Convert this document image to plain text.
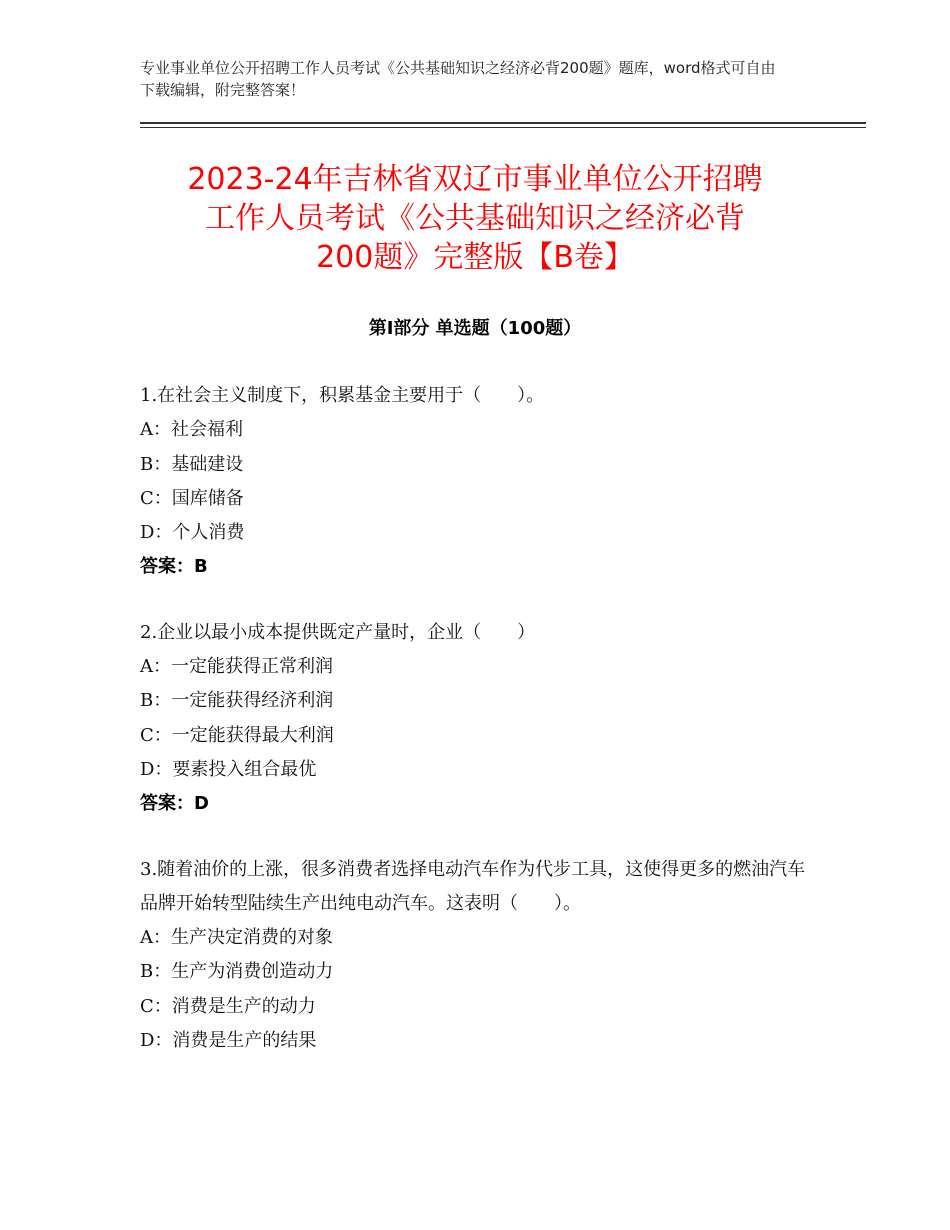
专业事业单位公开招聘工作人员考试《公共基础知识之经济必背200题》题库，word格式可自由下载编辑，附完整答案！
2023-24年吉林省双辽市事业单位公开招聘
工作人员考试《公共基础知识之经济必背
200题》完整版【B卷】
第Ⅰ部分 单选题（100题）
1.在社会主义制度下，积累基金主要用于（　　）。
A：社会福利
B：基础建设
C：国库储备
D：个人消费
答案：B
2.企业以最小成本提供既定产量时，企业（　　）
A：一定能获得正常利润
B：一定能获得经济利润
C：一定能获得最大利润
D：要素投入组合最优
答案：D
3.随着油价的上涨，很多消费者选择电动汽车作为代步工具，这使得更多的燃油汽车品牌开始转型陆续生产出纯电动汽车。这表明（　　）。
A：生产决定消费的对象
B：生产为消费创造动力
C：消费是生产的动力
D：消费是生产的结果
